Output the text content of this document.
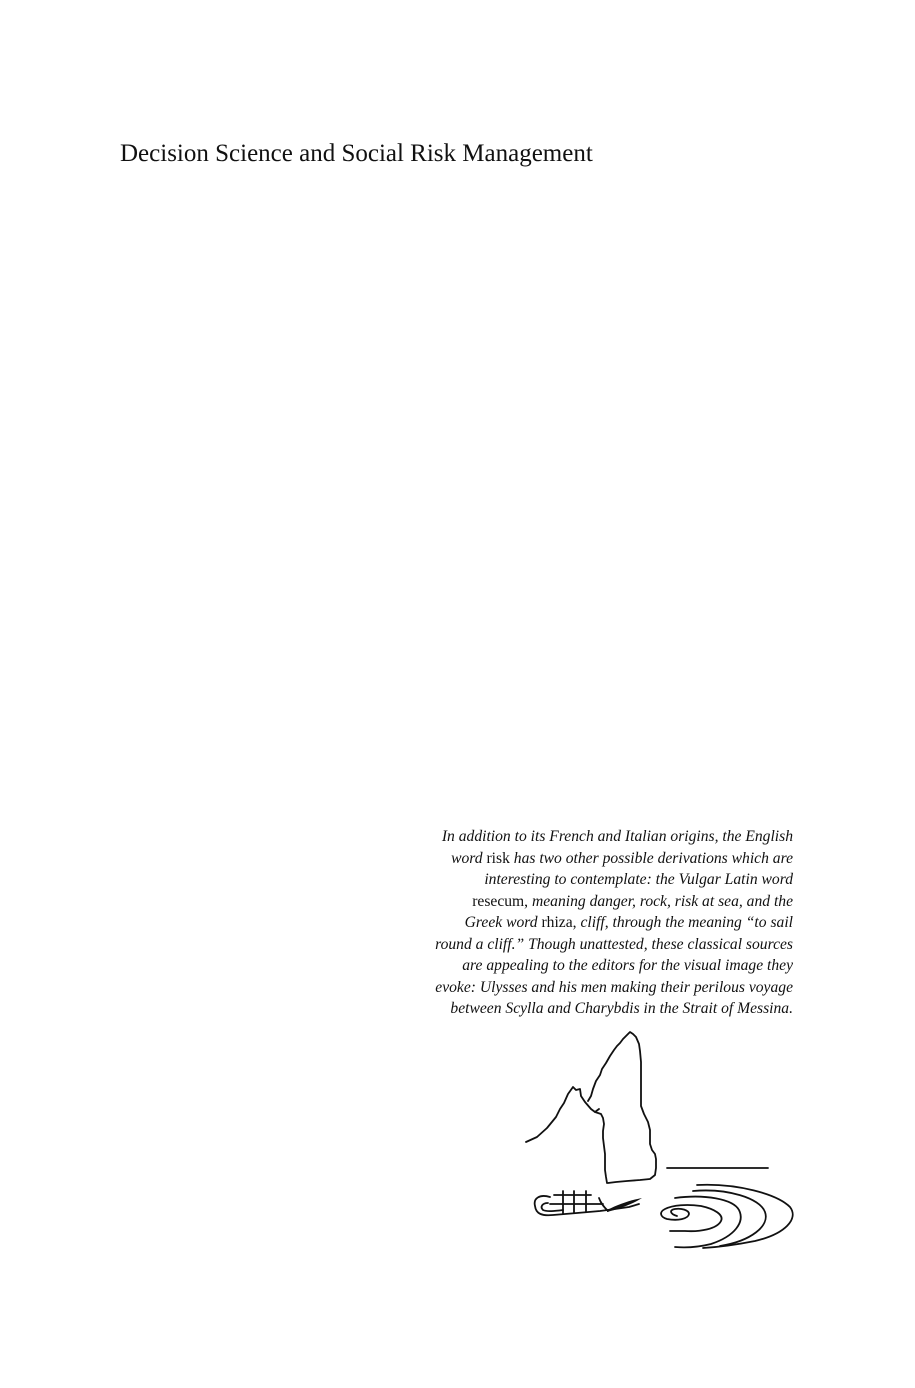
Decision Science and Social Risk Management

In addition to its French and Italian origins, the English
word risk has two other possible derivations which are
interesting to contemplate: the Vulgar Latin word
resecum, meaning danger, rock, risk at sea, and the
Greek word rhiza, cliff, through the meaning “to sail
round a cliff.” Though unattested, these classical sources
are appealing to the editors for the visual image they
evoke: Ulysses and his men making their perilous voyage
between Scylla and Charybdis in the Strait of Messina.
